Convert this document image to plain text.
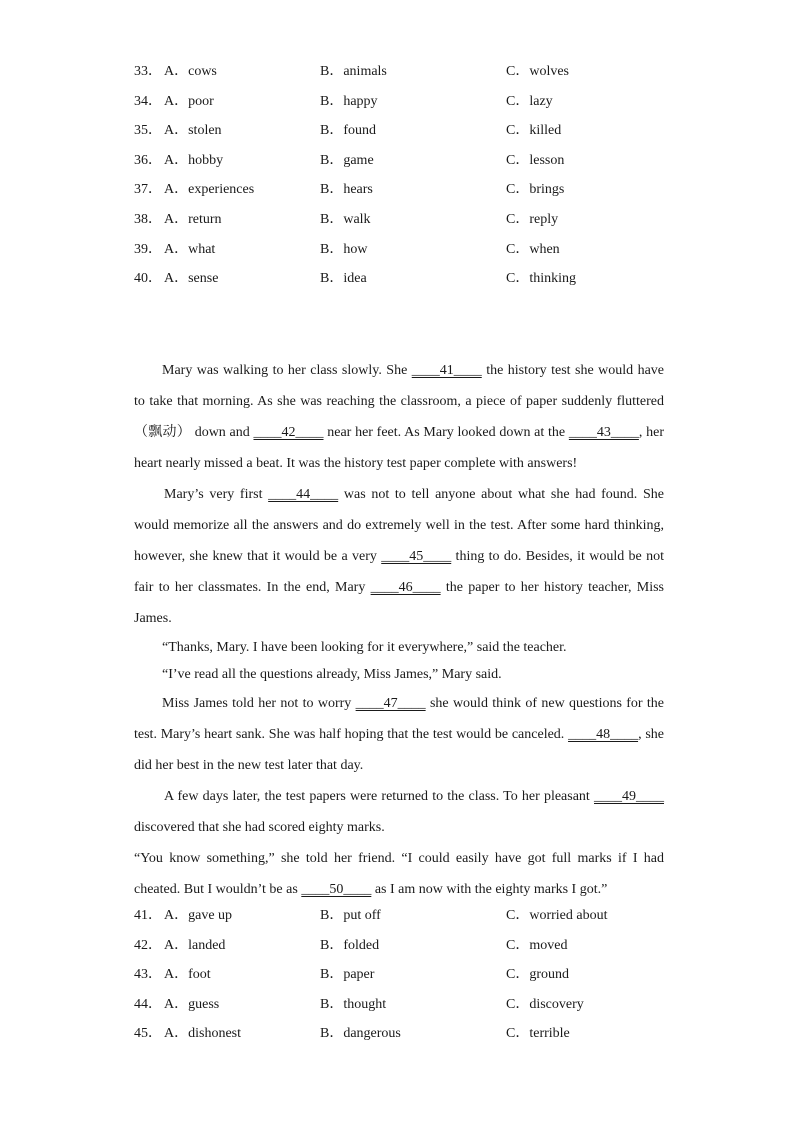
33． A．cows	B．animals	C．wolves
34． A．poor	B．happy	C．lazy
35． A．stolen	B．found	C．killed
36． A．hobby	B．game	C．lesson
37． A．experiences	B．hears	C．brings
38． A．return	B．walk	C．reply
39． A．what	B．how	C．when
40． A．sense	B．idea	C．thinking

Mary was walking to her class slowly. She ____41____ the history test she would have to take that morning. As she was reaching the classroom, a piece of paper suddenly fluttered（飘动） down and ____42____ near her feet. As Mary looked down at the ____43____, her heart nearly missed a beat. It was the history test paper complete with answers!

Mary’s very first ____44____ was not to tell anyone about what she had found. She would memorize all the answers and do extremely well in the test. After some hard thinking, however, she knew that it would be a very ____45____ thing to do. Besides, it would be not fair to her classmates. In the end, Mary ____46____ the paper to her history teacher, Miss James.

“Thanks, Mary. I have been looking for it everywhere,” said the teacher.

“I’ve read all the questions already, Miss James,” Mary said.

Miss James told her not to worry ____47____ she would think of new questions for the test. Mary’s heart sank. She was half hoping that the test would be canceled. ____48____, she did her best in the new test later that day.

A few days later, the test papers were returned to the class. To her pleasant ____49____ discovered that she had scored eighty marks.

“You know something,” she told her friend. “I could easily have got full marks if I had cheated. But I wouldn’t be as ____50____ as I am now with the eighty marks I got.”

41． A．gave up	B．put off	C．worried about
42． A．landed	B．folded	C．moved
43． A．foot	B．paper	C．ground
44． A．guess	B．thought	C．discovery
45． A．dishonest	B．dangerous	C．terrible
